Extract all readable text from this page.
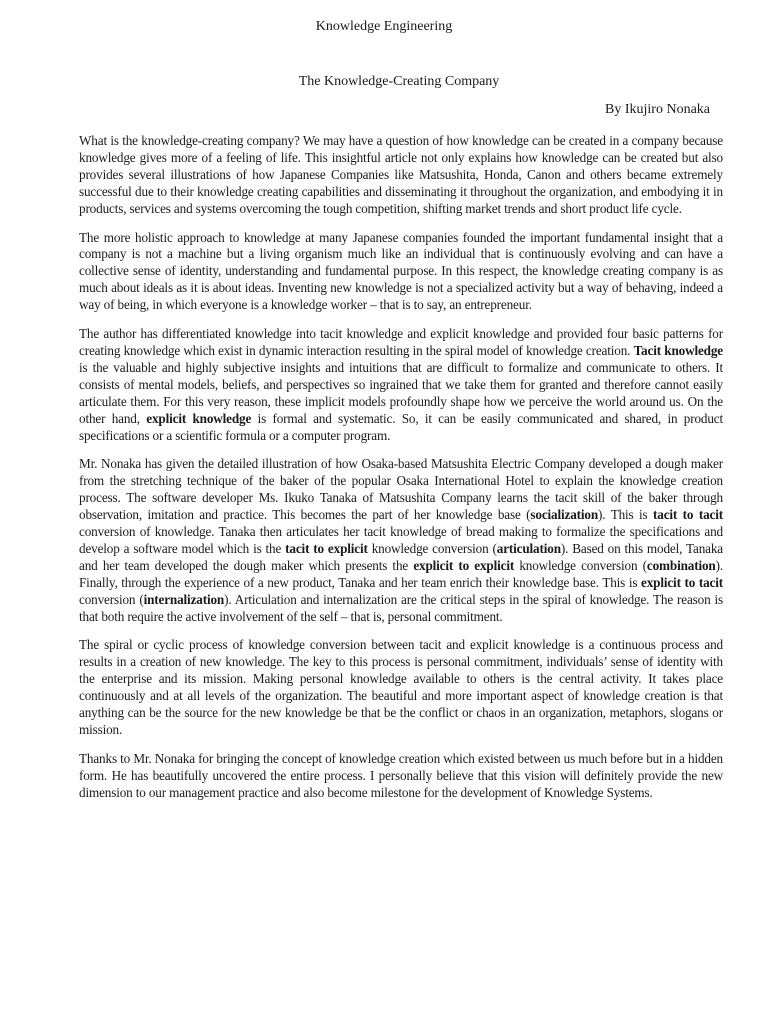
Knowledge Engineering
The Knowledge-Creating Company
By Ikujiro Nonaka

What is the knowledge-creating company? We may have a question of how knowledge can be created in a company because knowledge gives more of a feeling of life. This insightful article not only explains how knowledge can be created but also provides several illustrations of how Japanese Companies like Matsushita, Honda, Canon and others became extremely successful due to their knowledge creating capabilities and disseminating it throughout the organization, and embodying it in products, services and systems overcoming the tough competition, shifting market trends and short product life cycle.

The more holistic approach to knowledge at many Japanese companies founded the important fundamental insight that a company is not a machine but a living organism much like an individual that is continuously evolving and can have a collective sense of identity, understanding and fundamental purpose. In this respect, the knowledge creating company is as much about ideals as it is about ideas. Inventing new knowledge is not a specialized activity but a way of behaving, indeed a way of being, in which everyone is a knowledge worker – that is to say, an entrepreneur.

The author has differentiated knowledge into tacit knowledge and explicit knowledge and provided four basic patterns for creating knowledge which exist in dynamic interaction resulting in the spiral model of knowledge creation. Tacit knowledge is the valuable and highly subjective insights and intuitions that are difficult to formalize and communicate to others. It consists of mental models, beliefs, and perspectives so ingrained that we take them for granted and therefore cannot easily articulate them. For this very reason, these implicit models profoundly shape how we perceive the world around us. On the other hand, explicit knowledge is formal and systematic. So, it can be easily communicated and shared, in product specifications or a scientific formula or a computer program.

Mr. Nonaka has given the detailed illustration of how Osaka-based Matsushita Electric Company developed a dough maker from the stretching technique of the baker of the popular Osaka International Hotel to explain the knowledge creation process. The software developer Ms. Ikuko Tanaka of Matsushita Company learns the tacit skill of the baker through observation, imitation and practice. This becomes the part of her knowledge base (socialization). This is tacit to tacit conversion of knowledge. Tanaka then articulates her tacit knowledge of bread making to formalize the specifications and develop a software model which is the tacit to explicit knowledge conversion (articulation). Based on this model, Tanaka and her team developed the dough maker which presents the explicit to explicit knowledge conversion (combination). Finally, through the experience of a new product, Tanaka and her team enrich their knowledge base. This is explicit to tacit conversion (internalization). Articulation and internalization are the critical steps in the spiral of knowledge. The reason is that both require the active involvement of the self – that is, personal commitment.

The spiral or cyclic process of knowledge conversion between tacit and explicit knowledge is a continuous process and results in a creation of new knowledge. The key to this process is personal commitment, individuals’ sense of identity with the enterprise and its mission. Making personal knowledge available to others is the central activity. It takes place continuously and at all levels of the organization. The beautiful and more important aspect of knowledge creation is that anything can be the source for the new knowledge be that be the conflict or chaos in an organization, metaphors, slogans or mission.

Thanks to Mr. Nonaka for bringing the concept of knowledge creation which existed between us much before but in a hidden form. He has beautifully uncovered the entire process. I personally believe that this vision will definitely provide the new dimension to our management practice and also become milestone for the development of Knowledge Systems.
